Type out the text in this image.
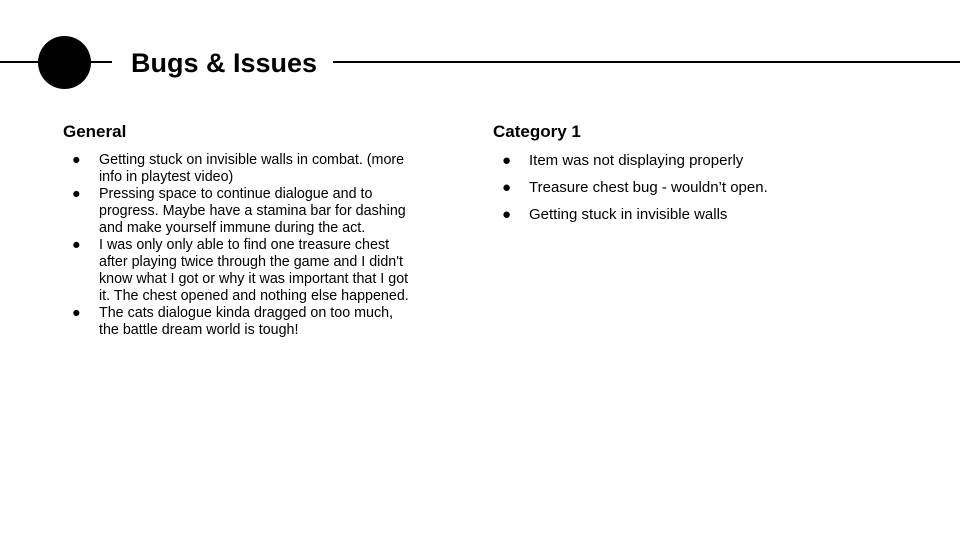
Bugs & Issues
General
● Getting stuck on invisible walls in combat. (more info in playtest video)
● Pressing space to continue dialogue and to progress. Maybe have a stamina bar for dashing and make yourself immune during the act.
● I was only only able to find one treasure chest after playing twice through the game and I didn't know what I got or why it was important that I got it. The chest opened and nothing else happened.
● The cats dialogue kinda dragged on too much, the battle dream world is tough!
Category 1
● Item was not displaying properly
● Treasure chest bug - wouldn’t open.
● Getting stuck in invisible walls
